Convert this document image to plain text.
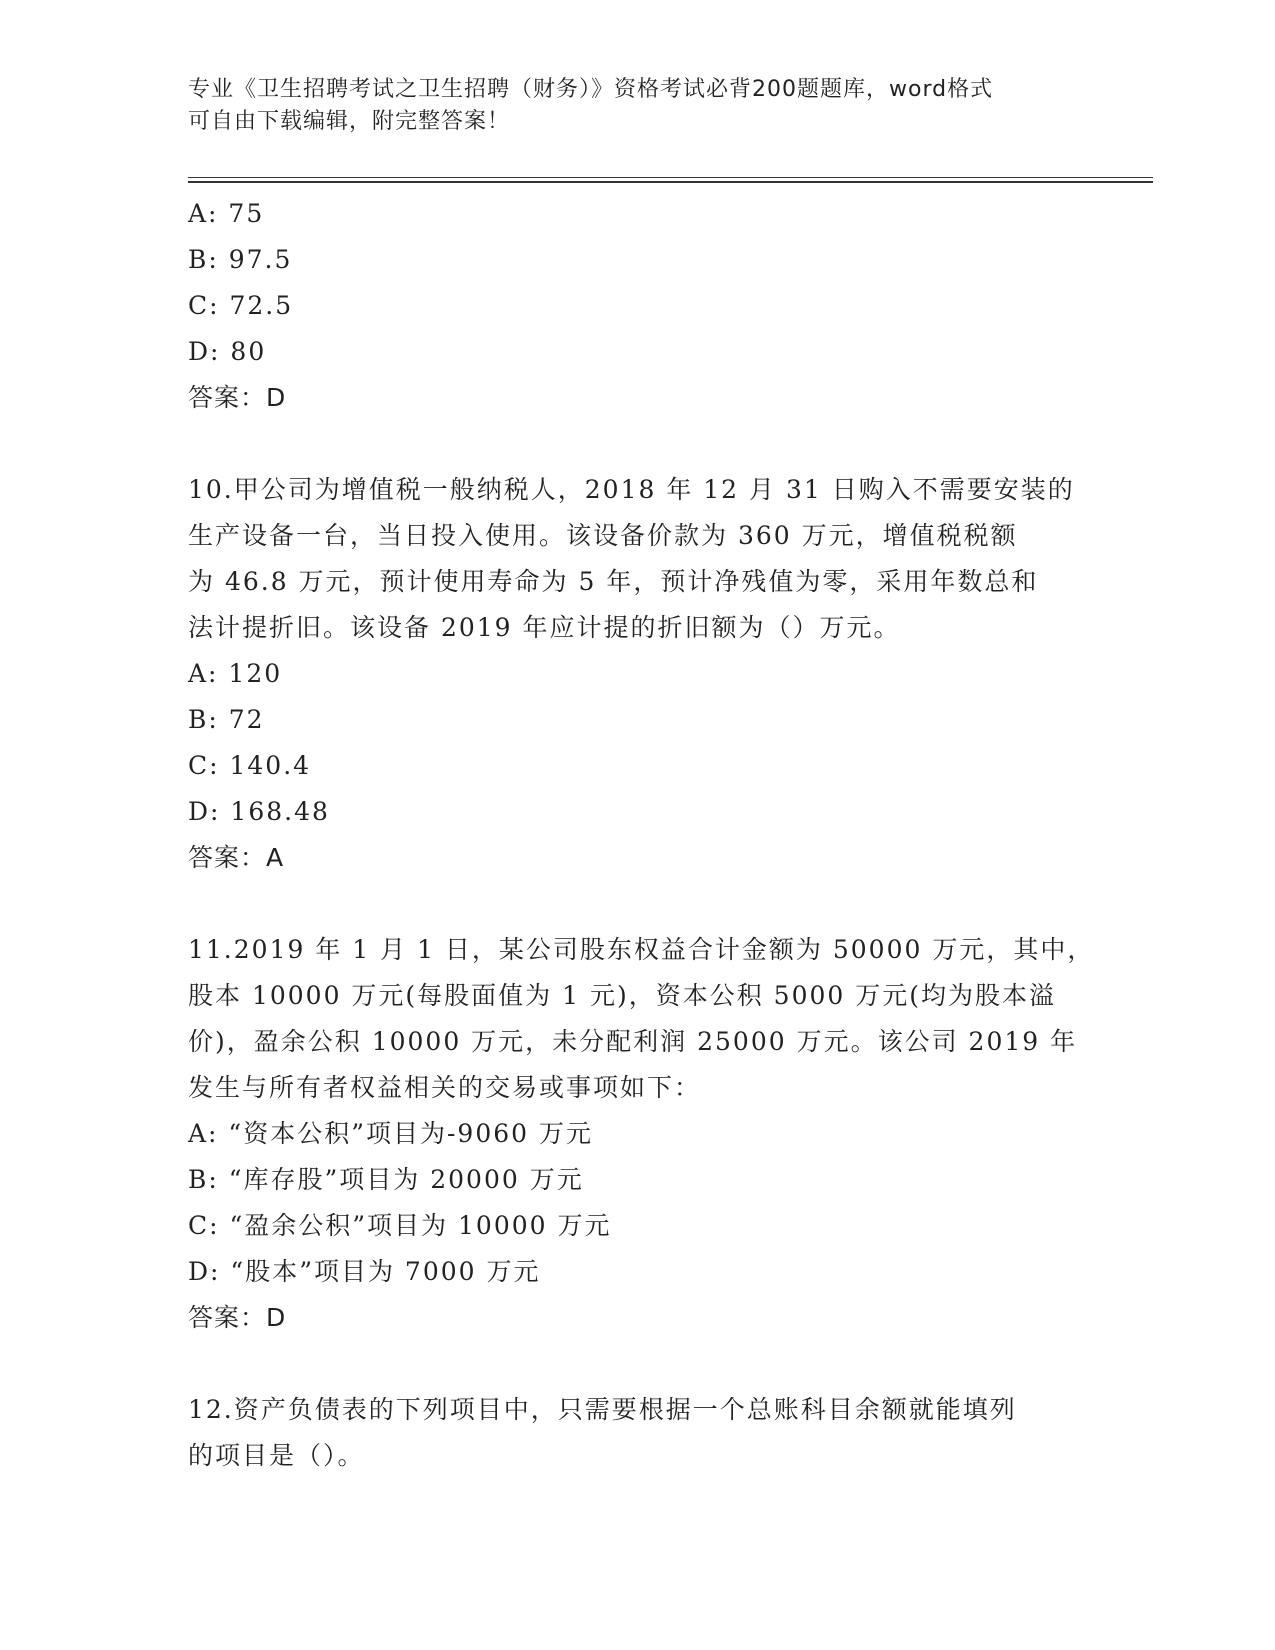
专业《卫生招聘考试之卫生招聘（财务）》资格考试必背200题题库，word格式
可自由下载编辑，附完整答案！
A: 75
B: 97.5
C: 72.5
D: 80
答案：D
10.甲公司为增值税一般纳税人，2018 年 12 月 31 日购入不需要安装的
生产设备一台，当日投入使用。该设备价款为 360 万元，增值税税额
为 46.8 万元，预计使用寿命为 5 年，预计净残值为零，采用年数总和
法计提折旧。该设备 2019 年应计提的折旧额为（）万元。
A: 120
B: 72
C: 140.4
D: 168.48
答案：A
11.2019 年 1 月 1 日，某公司股东权益合计金额为 50000 万元，其中，
股本 10000 万元(每股面值为 1 元)，资本公积 5000 万元(均为股本溢
价)，盈余公积 10000 万元，未分配利润 25000 万元。该公司 2019 年
发生与所有者权益相关的交易或事项如下：
A: “资本公积”项目为-9060 万元
B: “库存股”项目为 20000 万元
C: “盈余公积”项目为 10000 万元
D: “股本”项目为 7000 万元
答案：D
12.资产负债表的下列项目中，只需要根据一个总账科目余额就能填列
的项目是（）。
